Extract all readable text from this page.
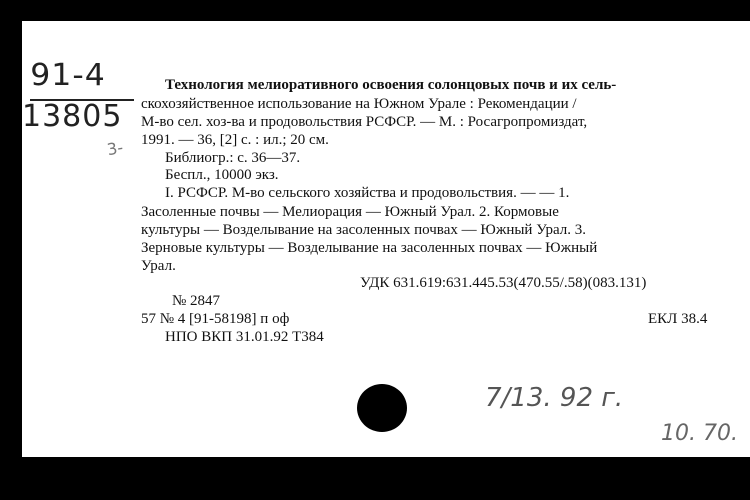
91-4
13805
3-
Технология мелиоративного освоения солонцовых почв и их сель-
скохозяйственное использование на Южном Урале : Рекомендации /
М-во сел. хоз-ва и продовольствия РСФСР. — М. : Росагропромиздат,
1991. — 36, [2] с. : ил.; 20 см.
Библиогр.: с. 36—37.
Беспл., 10000 экз.
I. РСФСР. М-во сельского хозяйства и продовольствия. — — 1.
Засоленные почвы — Мелиорация — Южный Урал. 2. Кормовые
культуры — Возделывание на засоленных почвах — Южный Урал. 3.
Зерновые культуры — Возделывание на засоленных почвах — Южный
Урал.
УДК 631.619:631.445.53(470.55/.58)(083.131)
№ 2847
57 № 4 [91-58198] п оф	ЕКЛ 38.4
НПО ВКП 31.01.92 Т384
7/13. 92 г.
10. 70.
